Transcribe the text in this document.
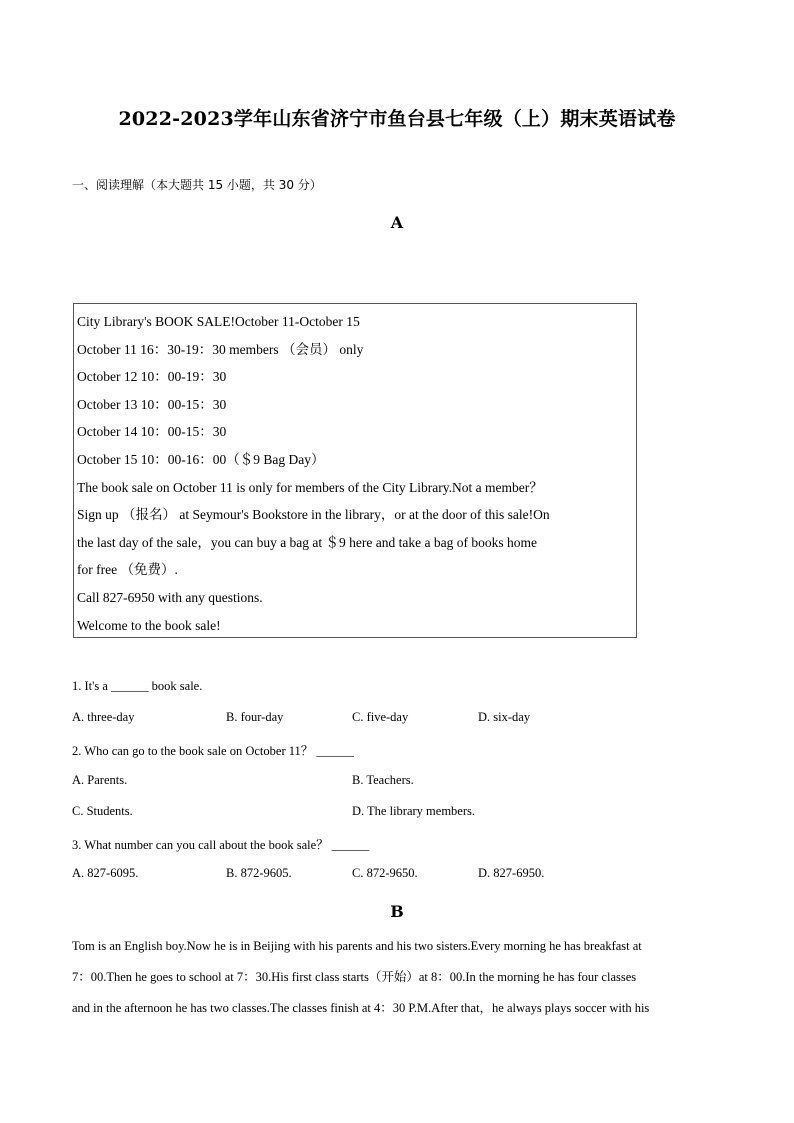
2022-2023学年山东省济宁市鱼台县七年级（上）期末英语试卷
一、阅读理解（本大题共 15 小题，共 30 分）
A
City Library's BOOK SALE!October 11-October 15
October 11 16：30-19：30 members （会员） only
October 12 10：00-19：30
October 13 10：00-15：30
October 14 10：00-15：30
October 15 10：00-16：00（＄9 Bag Day）
The book sale on October 11 is only for members of the City Library.Not a member？
Sign up （报名） at Seymour's Bookstore in the library，or at the door of this sale!On
the last day of the sale，you can buy a bag at ＄9 here and take a bag of books home
for free （免费）.
Call 827-6950 with any questions.
Welcome to the book sale!
1. It's a ______ book sale.
A. three-day	B. four-day	C. five-day	D. six-day
2. Who can go to the book sale on October 11？ ______
A. Parents.	B. Teachers.
C. Students.	D. The library members.
3. What number can you call about the book sale？ ______
A. 827-6095.	B. 872-9605.	C. 872-9650.	D. 827-6950.
B
Tom is an English boy.Now he is in Beijing with his parents and his two sisters.Every morning he has breakfast at
7：00.Then he goes to school at 7：30.His first class starts（开始）at 8：00.In the morning he has four classes
and in the afternoon he has two classes.The classes finish at 4：30 P.M.After that，he always plays soccer with his
